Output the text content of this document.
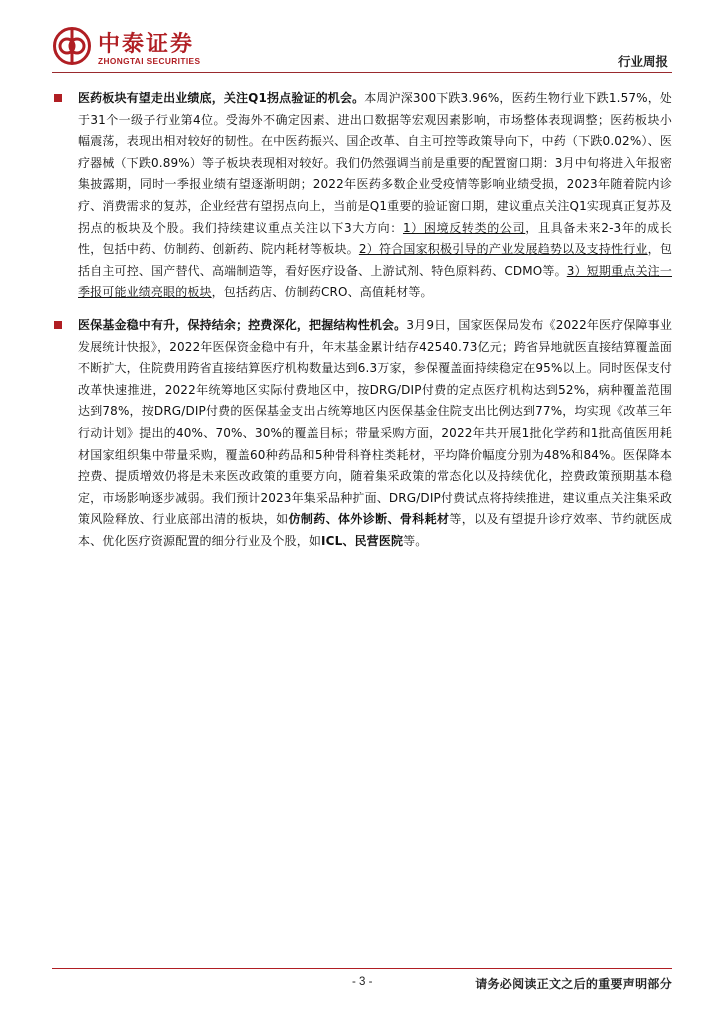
中泰证券
ZHONGTAI SECURITIES	行业周报
医药板块有望走出业绩底，关注Q1拐点验证的机会。本周沪深300下跌3.96%，医药生物行业下跌1.57%，处于31个一级子行业第4位。受海外不确定因素、进出口数据等宏观因素影响，市场整体表现调整；医药板块小幅震荡，表现出相对较好的韧性。在中医药振兴、国企改革、自主可控等政策导向下，中药（下跌0.02%）、医疗器械（下跌0.89%）等子板块表现相对较好。我们仍然强调当前是重要的配置窗口期：3月中旬将进入年报密集披露期，同时一季报业绩有望逐渐明朗；2022年医药多数企业受疫情等影响业绩受损，2023年随着院内诊疗、消费需求的复苏，企业经营有望拐点向上，当前是Q1重要的验证窗口期，建议重点关注Q1实现真正复苏及拐点的板块及个股。我们持续建议重点关注以下3大方向：1）困境反转类的公司，且具备未来2-3年的成长性，包括中药、仿制药、创新药、院内耗材等板块。2）符合国家积极引导的产业发展趋势以及支持性行业，包括自主可控、国产替代、高端制造等，看好医疗设备、上游试剂、特色原料药、CDMO等。3）短期重点关注一季报可能业绩亮眼的板块，包括药店、仿制药CRO、高值耗材等。
医保基金稳中有升，保持结余；控费深化，把握结构性机会。3月9日，国家医保局发布《2022年医疗保障事业发展统计快报》，2022年医保资金稳中有升，年末基金累计结存42540.73亿元；跨省异地就医直接结算覆盖面不断扩大，住院费用跨省直接结算医疗机构数量达到6.3万家，参保覆盖面持续稳定在95%以上。同时医保支付改革快速推进，2022年统筹地区实际付费地区中，按DRG/DIP付费的定点医疗机构达到52%，病种覆盖范围达到78%，按DRG/DIP付费的医保基金支出占统筹地区内医保基金住院支出比例达到77%，均实现《改革三年行动计划》提出的40%、70%、30%的覆盖目标；带量采购方面，2022年共开展1批化学药和1批高值医用耗材国家组织集中带量采购，覆盖60种药品和5种骨科脊柱类耗材，平均降价幅度分别为48%和84%。医保降本控费、提质增效仍将是未来医改政策的重要方向，随着集采政策的常态化以及持续优化，控费政策预期基本稳定，市场影响逐步减弱。我们预计2023年集采品种扩面、DRG/DIP付费试点将持续推进，建议重点关注集采政策风险释放、行业底部出清的板块，如仿制药、体外诊断、骨科耗材等，以及有望提升诊疗效率、节约就医成本、优化医疗资源配置的细分行业及个股，如ICL、民营医院等。
- 3 -	请务必阅读正文之后的重要声明部分
